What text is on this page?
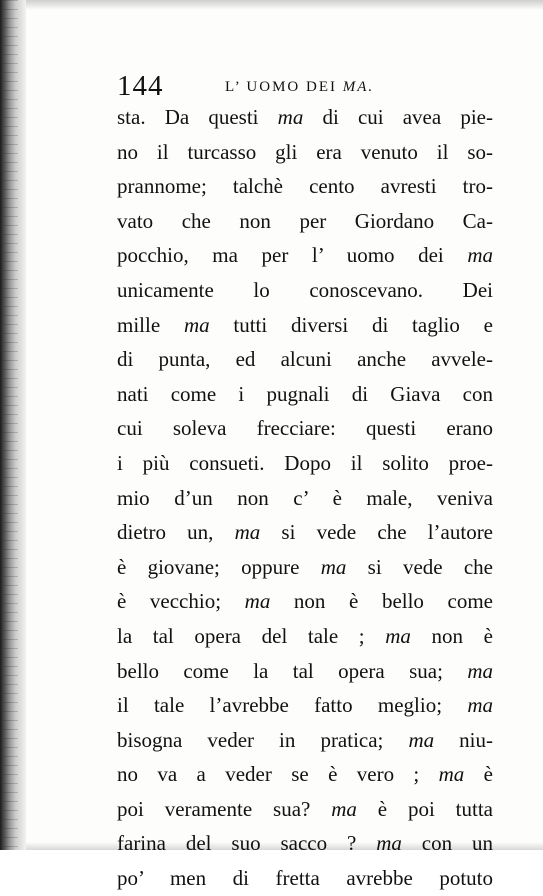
144	L’ UOMO DEI MA.
sta. Da questi ma di cui avea pie-
no il turcasso gli era venuto il so-
prannome; talchè cento avresti tro-
vato che non per Giordano Ca-
pocchio, ma per l’ uomo dei ma
unicamente lo conoscevano. Dei
mille ma tutti diversi di taglio e
di punta, ed alcuni anche avvele-
nati come i pugnali di Giava con
cui soleva frecciare: questi erano
i più consueti. Dopo il solito proe-
mio d’un non c’ è male, veniva
dietro un, ma si vede che l’autore
è giovane; oppure ma si vede che
è vecchio; ma non è bello come
la tal opera del tale ; ma non è
bello come la tal opera sua; ma
il tale l’avrebbe fatto meglio; ma
bisogna veder in pratica; ma niu-
no va a veder se è vero ; ma è
poi veramente sua? ma è poi tutta
farina del suo sacco ? ma con un
po’ men di fretta avrebbe potuto
